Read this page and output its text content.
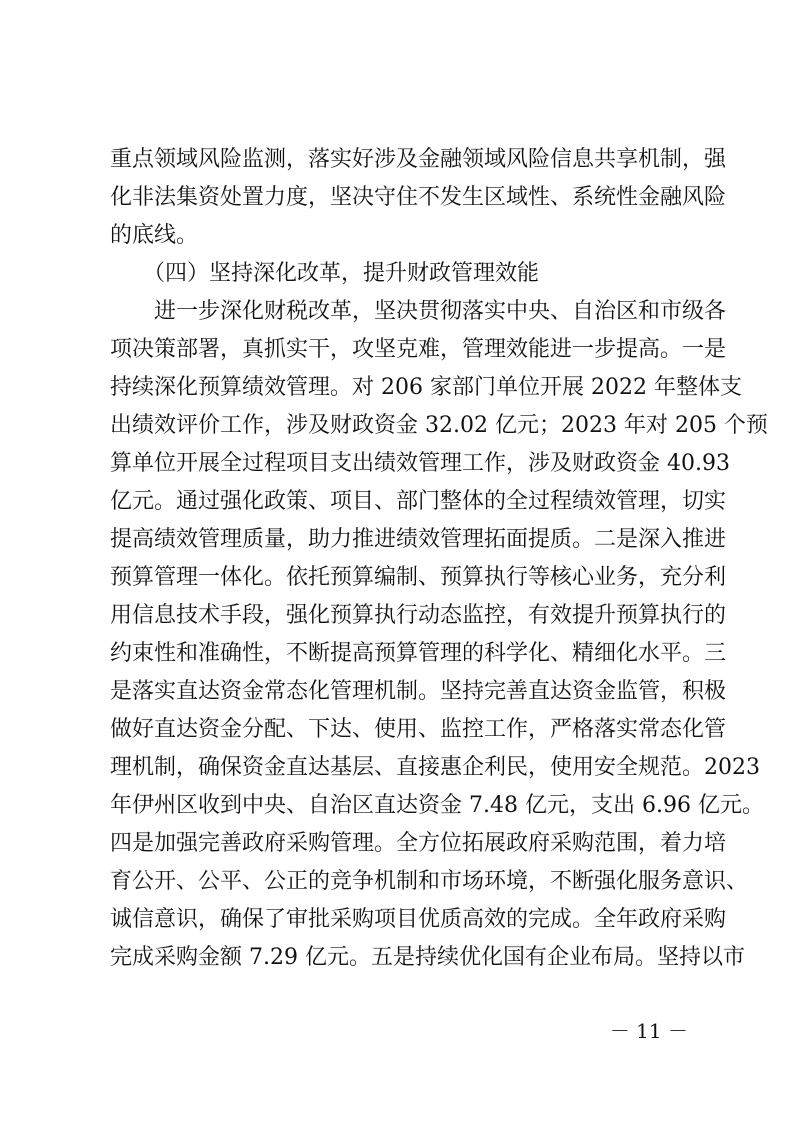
重点领域风险监测，落实好涉及金融领域风险信息共享机制，强
化非法集资处置力度，坚决守住不发生区域性、系统性金融风险
的底线。
（四）坚持深化改革，提升财政管理效能
进一步深化财税改革，坚决贯彻落实中央、自治区和市级各
项决策部署，真抓实干，攻坚克难，管理效能进一步提高。一是
持续深化预算绩效管理。对 206 家部门单位开展 2022 年整体支
出绩效评价工作，涉及财政资金 32.02 亿元；2023 年对 205 个预
算单位开展全过程项目支出绩效管理工作，涉及财政资金 40.93
亿元。通过强化政策、项目、部门整体的全过程绩效管理，切实
提高绩效管理质量，助力推进绩效管理拓面提质。二是深入推进
预算管理一体化。依托预算编制、预算执行等核心业务，充分利
用信息技术手段，强化预算执行动态监控，有效提升预算执行的
约束性和准确性，不断提高预算管理的科学化、精细化水平。三
是落实直达资金常态化管理机制。坚持完善直达资金监管，积极
做好直达资金分配、下达、使用、监控工作，严格落实常态化管
理机制，确保资金直达基层、直接惠企利民，使用安全规范。2023
年伊州区收到中央、自治区直达资金 7.48 亿元，支出 6.96 亿元。
四是加强完善政府采购管理。全方位拓展政府采购范围，着力培
育公开、公平、公正的竞争机制和市场环境，不断强化服务意识、
诚信意识，确保了审批采购项目优质高效的完成。全年政府采购
完成采购金额 7.29 亿元。五是持续优化国有企业布局。坚持以市
－ 11 －
